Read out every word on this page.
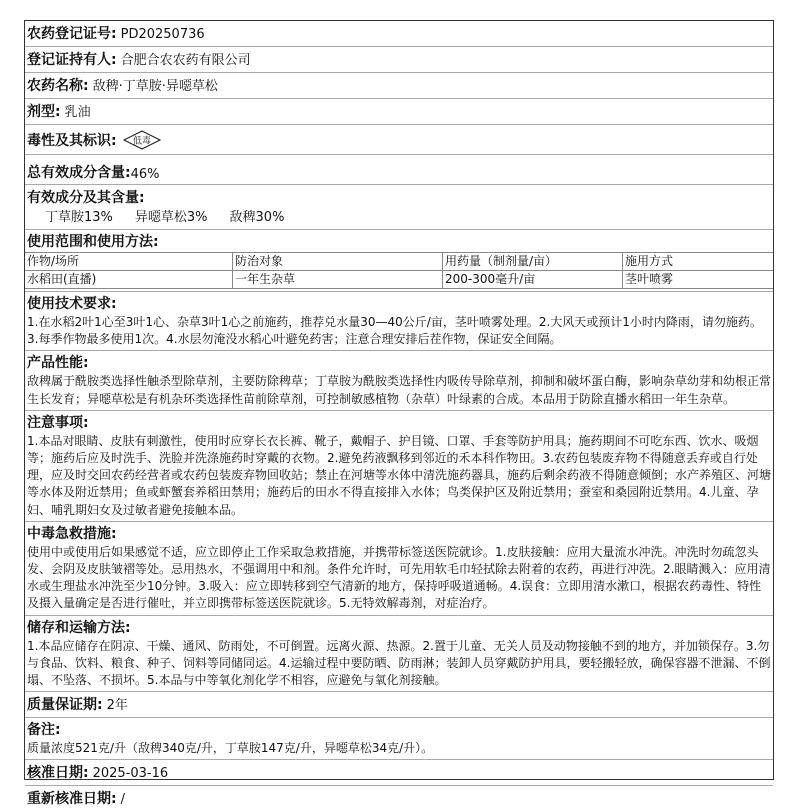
农药登记证号: PD20250736
登记证持有人: 合肥合农农药有限公司
农药名称: 敌稗·丁草胺·异噁草松
剂型: 乳油
毒性及其标识: 低毒
总有效成分含量: 46%
有效成分及其含量:
丁草胺13% 异噁草松3% 敌稗30%
使用范围和使用方法:
作物/场所	防治对象	用药量（制剂量/亩）	施用方式
水稻田(直播)	一年生杂草	200-300毫升/亩	茎叶喷雾
使用技术要求:
1.在水稻2叶1心至3叶1心、杂草3叶1心之前施药，推荐兑水量30—40公斤/亩，茎叶喷雾处理。2.大风天或预计1小时内降雨，请勿施药。3.每季作物最多使用1次。4.水层勿淹没水稻心叶避免药害；注意合理安排后茬作物，保证安全间隔。
产品性能:
敌稗属于酰胺类选择性触杀型除草剂，主要防除稗草；丁草胺为酰胺类选择性内吸传导除草剂，抑制和破坏蛋白酶，影响杂草幼芽和幼根正常生长发育；异噁草松是有机杂环类选择性苗前除草剂，可控制敏感植物（杂草）叶绿素的合成。本品用于防除直播水稻田一年生杂草。
注意事项:
1.本品对眼睛、皮肤有刺激性，使用时应穿长衣长裤、靴子，戴帽子、护目镜、口罩、手套等防护用具；施药期间不可吃东西、饮水、吸烟等；施药后应及时洗手、洗脸并洗涤施药时穿戴的衣物。2.避免药液飘移到邻近的禾本科作物田。3.农药包装废弃物不得随意丢弃或自行处理，应及时交回农药经营者或农药包装废弃物回收站；禁止在河塘等水体中清洗施药器具，施药后剩余药液不得随意倾倒；水产养殖区、河塘等水体及附近禁用；鱼或虾蟹套养稻田禁用；施药后的田水不得直接排入水体；鸟类保护区及附近禁用；蚕室和桑园附近禁用。4.儿童、孕妇、哺乳期妇女及过敏者避免接触本品。
中毒急救措施:
使用中或使用后如果感觉不适，应立即停止工作采取急救措施，并携带标签送医院就诊。1.皮肤接触：应用大量流水冲洗。冲洗时勿疏忽头发、会阴及皮肤皱褶等处。忌用热水，不强调用中和剂。条件允许时，可先用软毛巾轻拭除去附着的农药，再进行冲洗。2.眼睛溅入：应用清水或生理盐水冲洗至少10分钟。3.吸入：应立即转移到空气清新的地方，保持呼吸道通畅。4.误食：立即用清水漱口，根据农药毒性、特性及摄入量确定是否进行催吐，并立即携带标签送医院就诊。5.无特效解毒剂，对症治疗。
储存和运输方法:
1.本品应储存在阴凉、干燥、通风、防雨处，不可倒置。远离火源、热源。2.置于儿童、无关人员及动物接触不到的地方，并加锁保存。3.勿与食品、饮料、粮食、种子、饲料等同储同运。4.运输过程中要防晒、防雨淋；装卸人员穿戴防护用具，要轻搬轻放，确保容器不泄漏、不倒塌、不坠落、不损坏。5.本品与中等氧化剂化学不相容，应避免与氧化剂接触。
质量保证期: 2年
备注:
质量浓度521克/升（敌稗340克/升，丁草胺147克/升，异噁草松34克/升）。
核准日期: 2025-03-16
重新核准日期: /
